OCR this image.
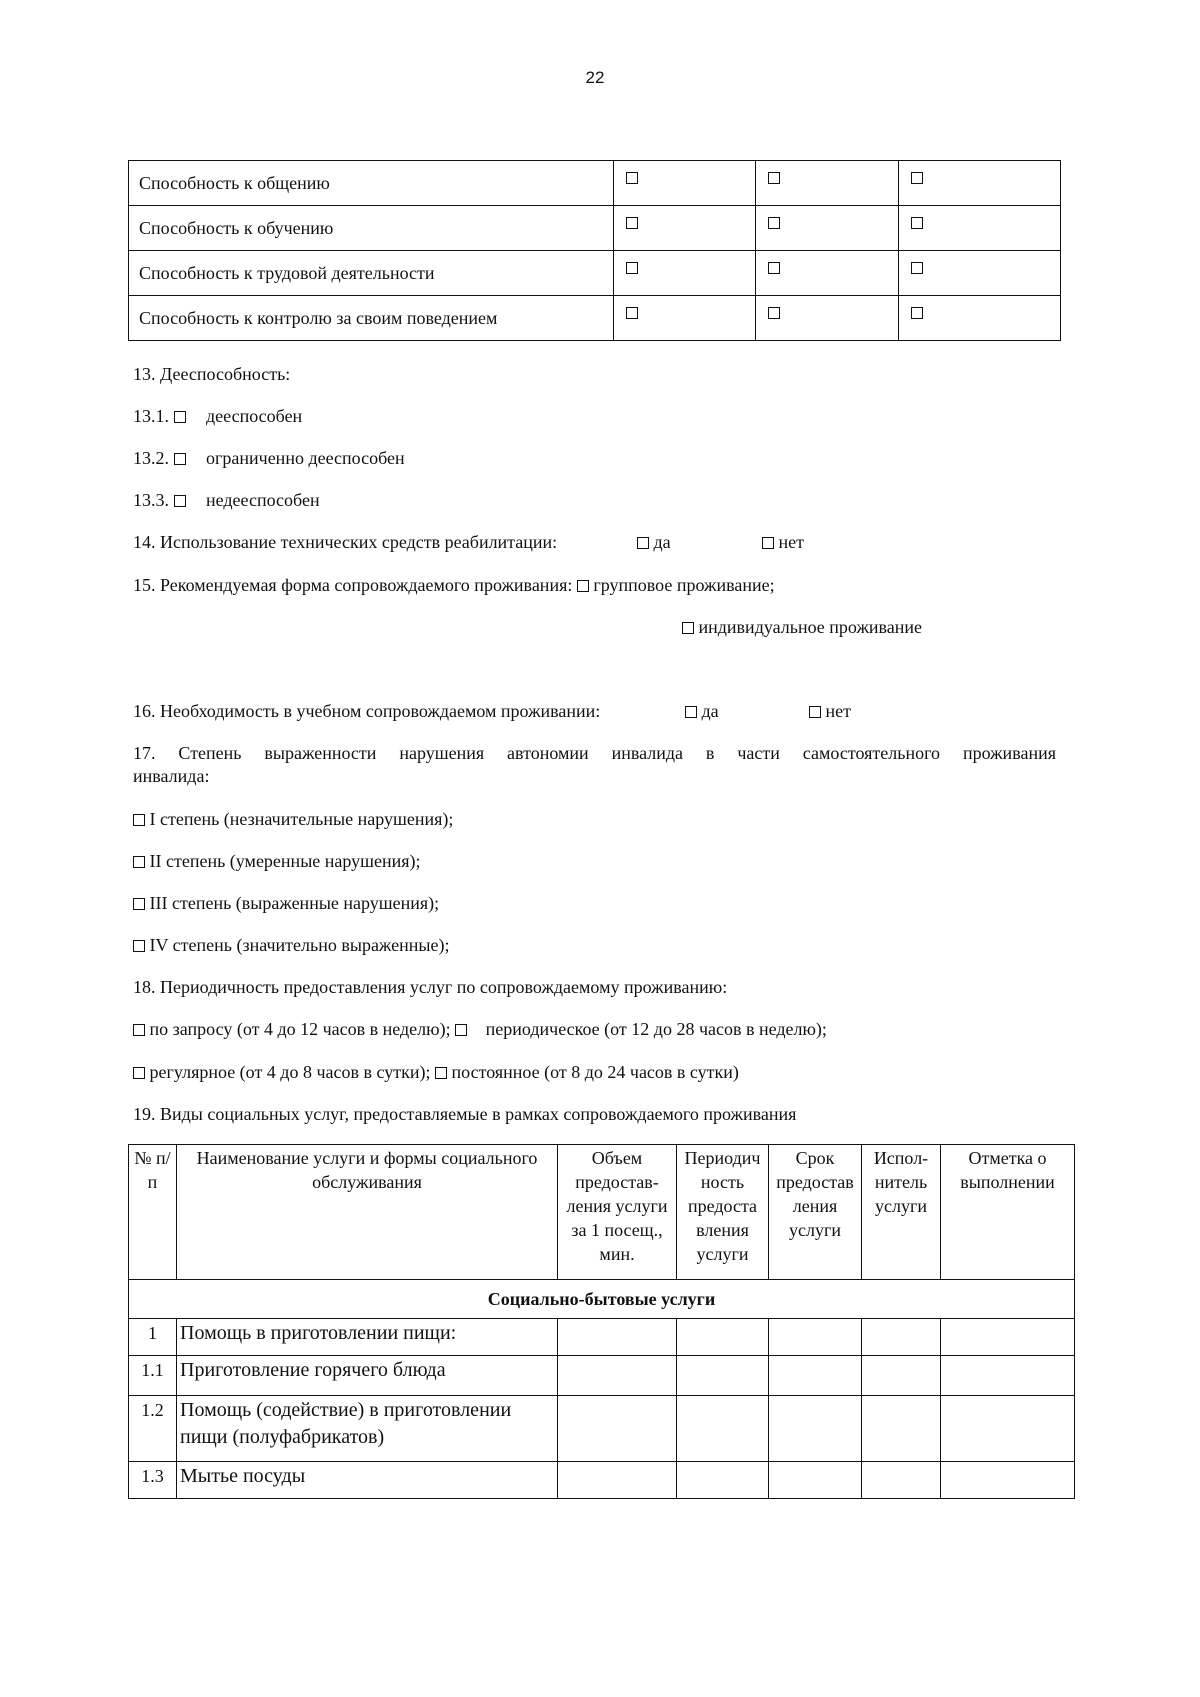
22
Способность к общению			
Способность к обучению			
Способность к трудовой деятельности			
Способность к контролю за своим поведением			
13. Дееспособность:
13.1. дееспособен
13.2. ограниченно дееспособен
13.3. недееспособен
14. Использование технических средств реабилитации:	да	нет
15. Рекомендуемая форма сопровождаемого проживания: групповое проживание;
индивидуальное проживание
16. Необходимость в учебном сопровождаемом проживании:	да	нет
17. Степень выраженности нарушения автономии инвалида в части самостоятельного проживания
инвалида:
I степень (незначительные нарушения);
II степень (умеренные нарушения);
III степень (выраженные нарушения);
IV степень (значительно выраженные);
18. Периодичность предоставления услуг по сопровождаемому проживанию:
по запросу (от 4 до 12 часов в неделю); периодическое (от 12 до 28 часов в неделю);
регулярное (от 4 до 8 часов в сутки); постоянное (от 8 до 24 часов в сутки)
19. Виды социальных услуг, предоставляемые в рамках сопровождаемого проживания
№ п/п	Наименование услуги и формы социального обслуживания	Объем предостав-ления услуги за 1 посещ., мин.	Периодич ность предоста вления услуги	Срок предостав ления услуги	Испол-нитель услуги	Отметка о выполнении
Социально-бытовые услуги						
1	Помощь в приготовлении пищи:					
1.1	Приготовление горячего блюда					
1.2	Помощь (содействие) в приготовлении пищи (полуфабрикатов)					
1.3	Мытье посуды					
